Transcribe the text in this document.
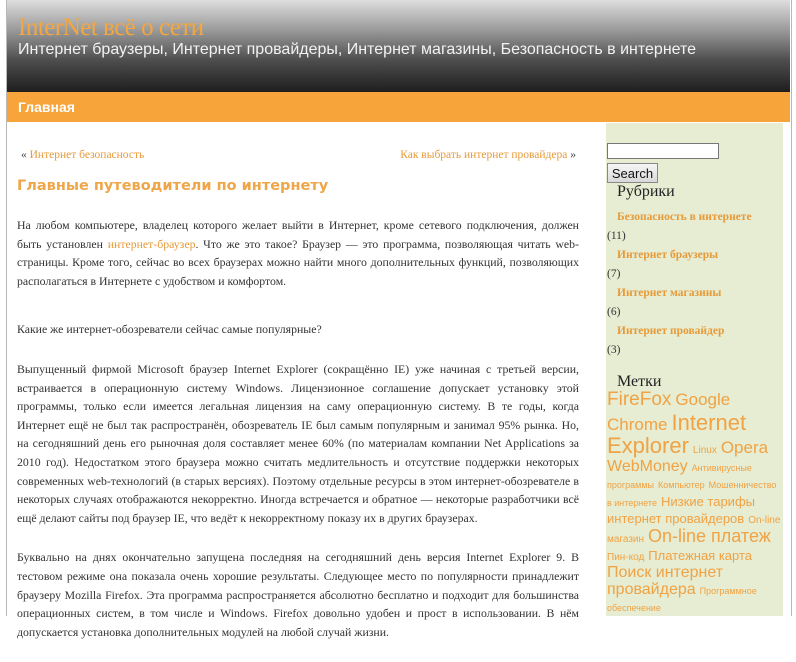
InterNet всё о сети
Интернет браузеры, Интернет провайдеры, Интернет магазины, Безопасность в интернете
Главная
« Интернет безопасность	Как выбрать интернет провайдера »
Главные путеводители по интернету

На любом компьютере, владелец которого желает выйти в Интернет, кроме сетевого подключения, должен быть установлен интернет-браузер. Что же это такое? Браузер — это программа, позволяющая читать web-страницы. Кроме того, сейчас во всех браузерах можно найти много дополнительных функций, позволяющих располагаться в Интернете с удобством и комфортом.

Какие же интернет-обозреватели сейчас самые популярные?

Выпущенный фирмой Microsoft браузер Internet Explorer (сокращённо IE) уже начиная с третьей версии, встраивается в операционную систему Windows. Лицензионное соглашение допускает установку этой программы, только если имеется легальная лицензия на саму операционную систему. В те годы, когда Интернет ещё не был так распространён, обозреватель IE был самым популярным и занимал 95% рынка. Но, на сегодняшний день его рыночная доля составляет менее 60% (по материалам компании Net Applications за 2010 год). Недостатком этого браузера можно считать медлительность и отсутствие поддержки некоторых современных web-технологий (в старых версиях). Поэтому отдельные ресурсы в этом интернет-обозревателе в некоторых случаях отображаются некорректно. Иногда встречается и обратное — некоторые разработчики всё ещё делают сайты под браузер IE, что ведёт к некорректному показу их в других браузерах.

Буквально на днях окончательно запущена последняя на сегодняшний день версия Internet Explorer 9. В тестовом режиме она показала очень хорошие результаты. Следующее место по популярности принадлежит браузеру Mozilla Firefox. Эта программа распространяется абсолютно бесплатно и подходит для большинства операционных систем, в том числе и Windows. Firefox довольно удобен и прост в использовании. В нём допускается установка дополнительных модулей на любой случай жизни.

Search
Рубрики
Безопасность в интернете
(11)
Интернет браузеры
(7)
Интернет магазины
(6)
Интернет провайдер
(3)
Метки
FireFox Google Chrome Internet Explorer Linux Opera WebMoney Антивирусные программы Компьютер Мошенничество в интернете Низкие тарифы интернет провайдеров On-line магазин On-line платеж Пин-код Платежная карта Поиск интернет провайдера Программное обеспечение
